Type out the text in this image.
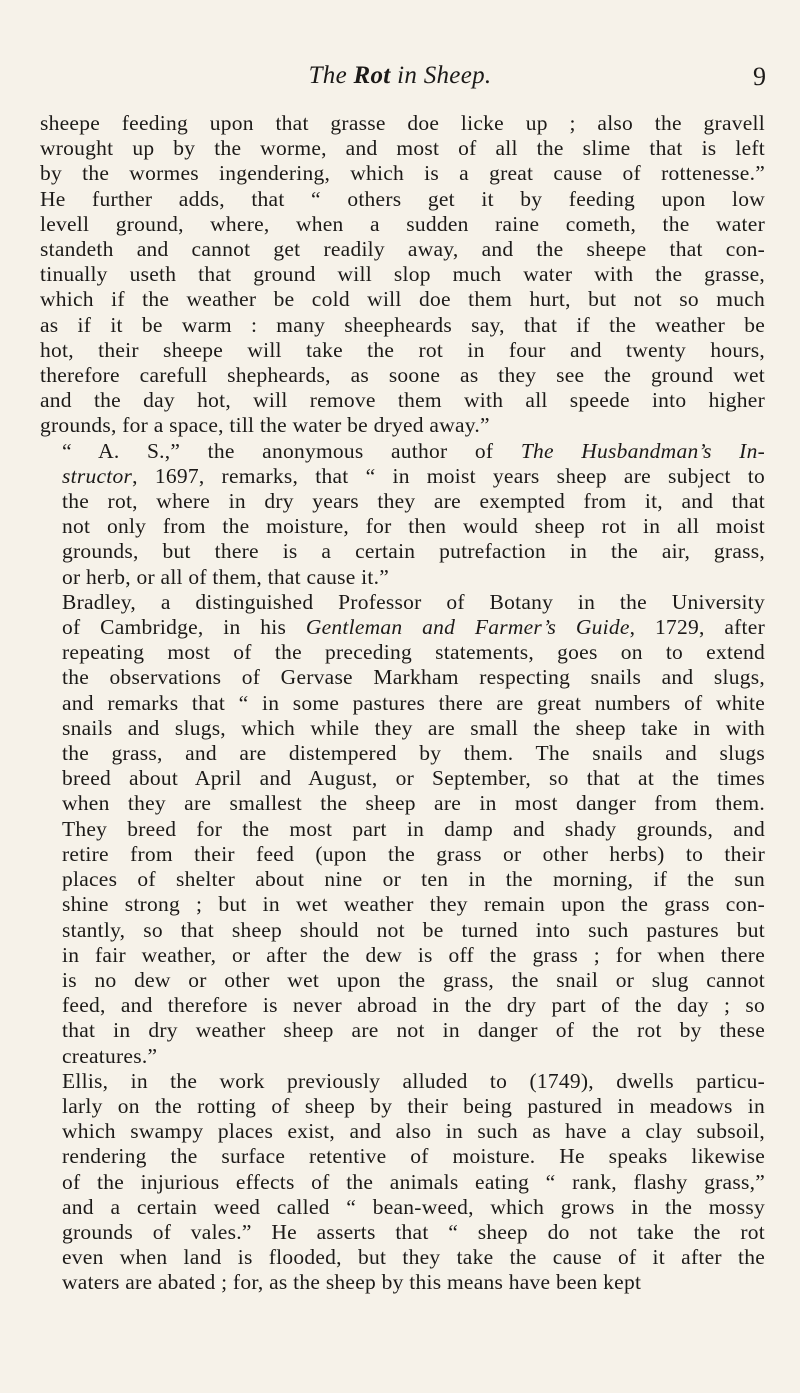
The Rot in Sheep.	9
sheepe feeding upon that grasse doe licke up ; also the gravell
wrought up by the worme, and most of all the slime that is left
by the wormes ingendering, which is a great cause of rottenesse.”
He further adds, that “ others get it by feeding upon low
levell ground, where, when a sudden raine cometh, the water
standeth and cannot get readily away, and the sheepe that con-
tinually useth that ground will slop much water with the grasse,
which if the weather be cold will doe them hurt, but not so much
as if it be warm : many sheepheards say, that if the weather be
hot, their sheepe will take the rot in four and twenty hours,
therefore carefull shepheards, as soone as they see the ground wet
and the day hot, will remove them with all speede into higher
grounds, for a space, till the water be dryed away.”
“ A. S.,” the anonymous author of The Husbandman’s In-
structor, 1697, remarks, that “ in moist years sheep are subject to
the rot, where in dry years they are exempted from it, and that
not only from the moisture, for then would sheep rot in all moist
grounds, but there is a certain putrefaction in the air, grass,
or herb, or all of them, that cause it.”
Bradley, a distinguished Professor of Botany in the University
of Cambridge, in his Gentleman and Farmer’s Guide, 1729, after
repeating most of the preceding statements, goes on to extend
the observations of Gervase Markham respecting snails and slugs,
and remarks that “ in some pastures there are great numbers of white
snails and slugs, which while they are small the sheep take in with
the grass, and are distempered by them. The snails and slugs
breed about April and August, or September, so that at the times
when they are smallest the sheep are in most danger from them.
They breed for the most part in damp and shady grounds, and
retire from their feed (upon the grass or other herbs) to their
places of shelter about nine or ten in the morning, if the sun
shine strong ; but in wet weather they remain upon the grass con-
stantly, so that sheep should not be turned into such pastures but
in fair weather, or after the dew is off the grass ; for when there
is no dew or other wet upon the grass, the snail or slug cannot
feed, and therefore is never abroad in the dry part of the day ; so
that in dry weather sheep are not in danger of the rot by these
creatures.”
Ellis, in the work previously alluded to (1749), dwells particu-
larly on the rotting of sheep by their being pastured in meadows in
which swampy places exist, and also in such as have a clay subsoil,
rendering the surface retentive of moisture. He speaks likewise
of the injurious effects of the animals eating “ rank, flashy grass,”
and a certain weed called “ bean-weed, which grows in the mossy
grounds of vales.” He asserts that “ sheep do not take the rot
even when land is flooded, but they take the cause of it after the
waters are abated ; for, as the sheep by this means have been kept
